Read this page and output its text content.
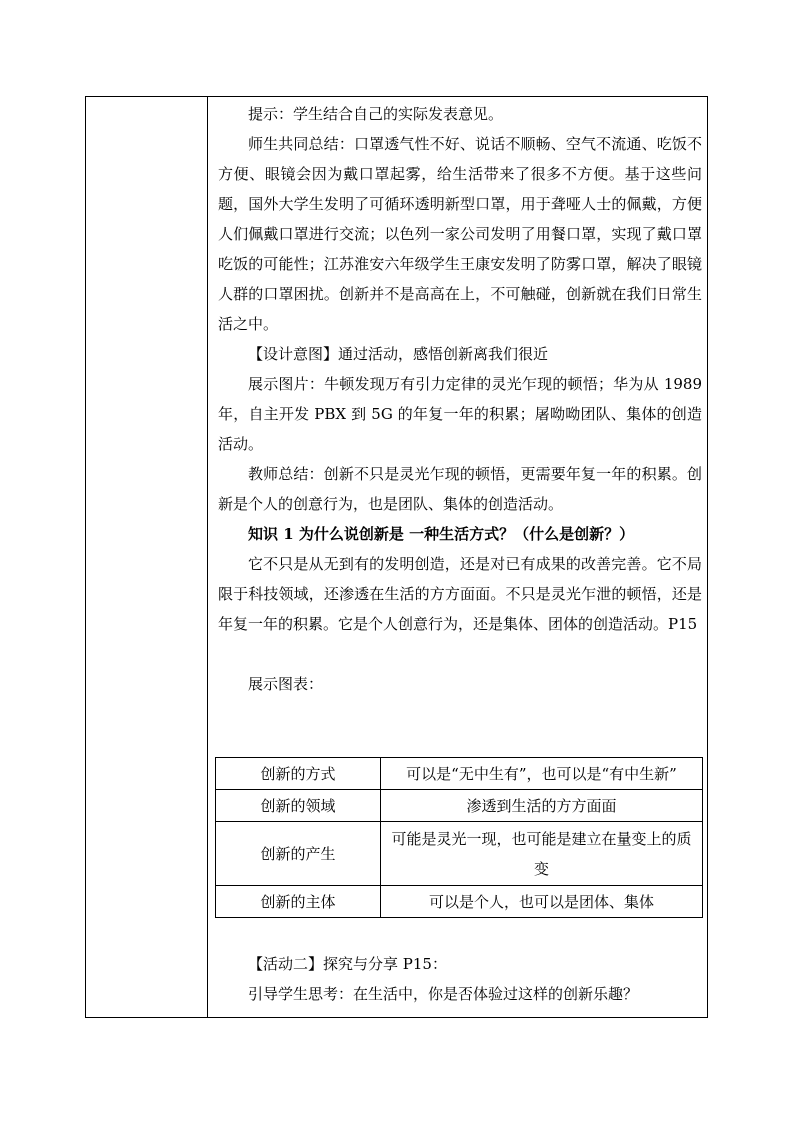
提示：学生结合自己的实际发表意见。

师生共同总结：口罩透气性不好、说话不顺畅、空气不流通、吃饭不方便、眼镜会因为戴口罩起雾，给生活带来了很多不方便。基于这些问题，国外大学生发明了可循环透明新型口罩，用于聋哑人士的佩戴，方便人们佩戴口罩进行交流；以色列一家公司发明了用餐口罩，实现了戴口罩吃饭的可能性；江苏淮安六年级学生王康安发明了防雾口罩，解决了眼镜人群的口罩困扰。创新并不是高高在上，不可触碰，创新就在我们日常生活之中。

【设计意图】通过活动，感悟创新离我们很近

展示图片：牛顿发现万有引力定律的灵光乍现的顿悟；华为从 1989年，自主开发 PBX 到 5G 的年复一年的积累；屠呦呦团队、集体的创造活动。

教师总结：创新不只是灵光乍现的顿悟，更需要年复一年的积累。创新是个人的创意行为，也是团队、集体的创造活动。

知识 1 为什么说创新是 一种生活方式？（什么是创新？）

它不只是从无到有的发明创造，还是对已有成果的改善完善。它不局限于科技领域，还渗透在生活的方方面面。不只是灵光乍泄的顿悟，还是年复一年的积累。它是个人创意行为，还是集体、团体的创造活动。P15

展示图表：

创新的方式	可以是“无中生有”，也可以是“有中生新”
创新的领域	渗透到生活的方方面面
创新的产生	可能是灵光一现，也可能是建立在量变上的质变
创新的主体	可以是个人，也可以是团体、集体

【活动二】探究与分享 P15：

引导学生思考：在生活中，你是否体验过这样的创新乐趣？
